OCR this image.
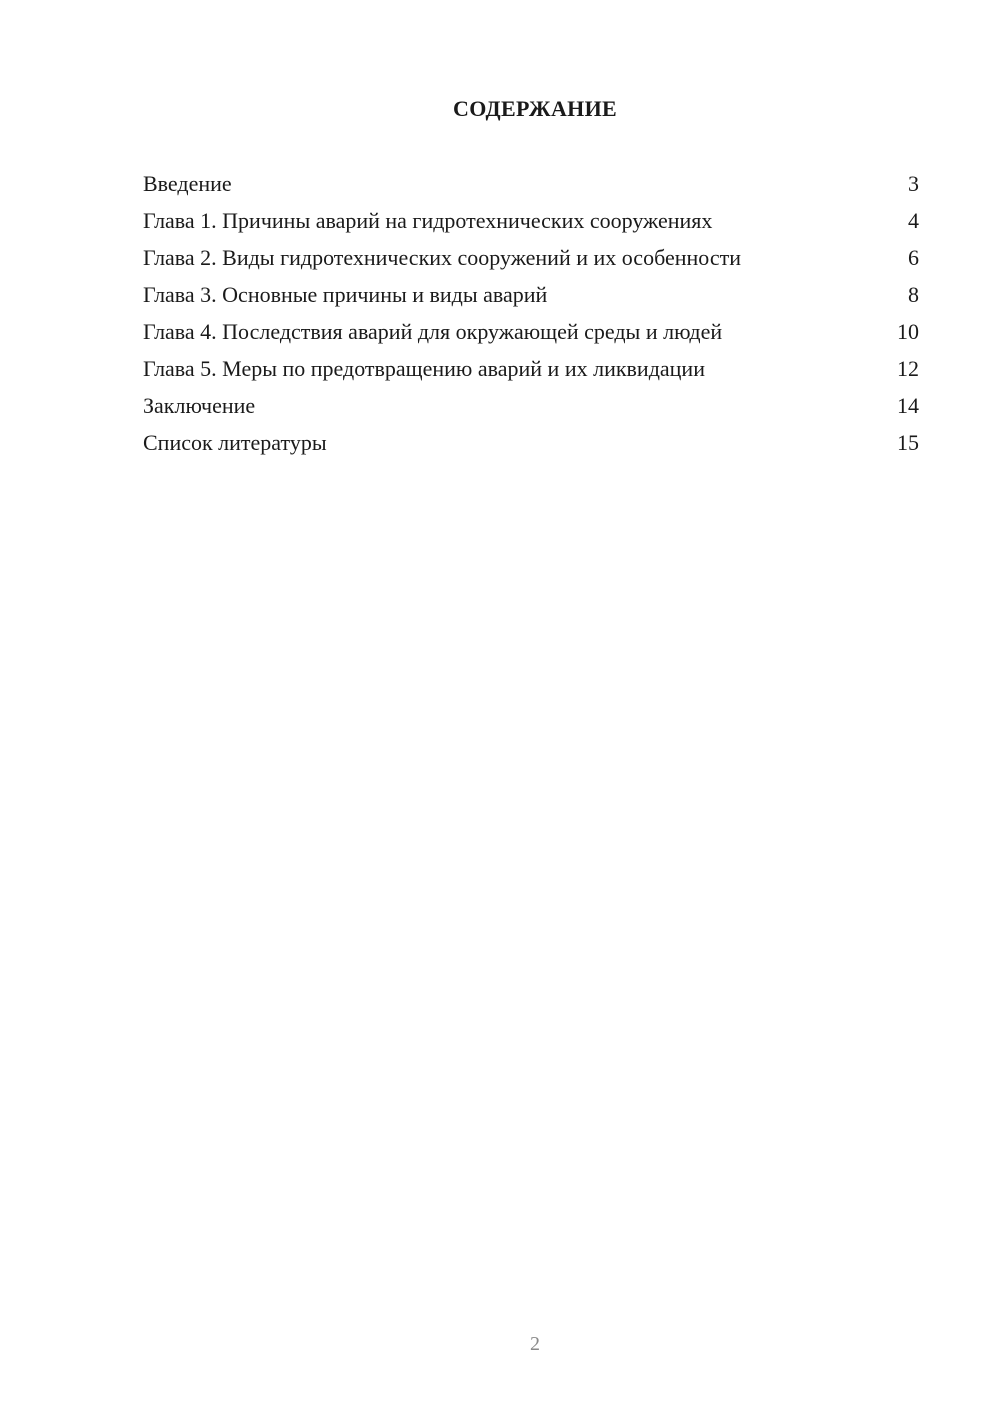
СОДЕРЖАНИЕ
Введение	3
Глава 1. Причины аварий на гидротехнических сооружениях	4
Глава 2. Виды гидротехнических сооружений и их особенности	6
Глава 3. Основные причины и виды аварий	8
Глава 4. Последствия аварий для окружающей среды и людей	10
Глава 5. Меры по предотвращению аварий и их ликвидации	12
Заключение	14
Список литературы	15
2
